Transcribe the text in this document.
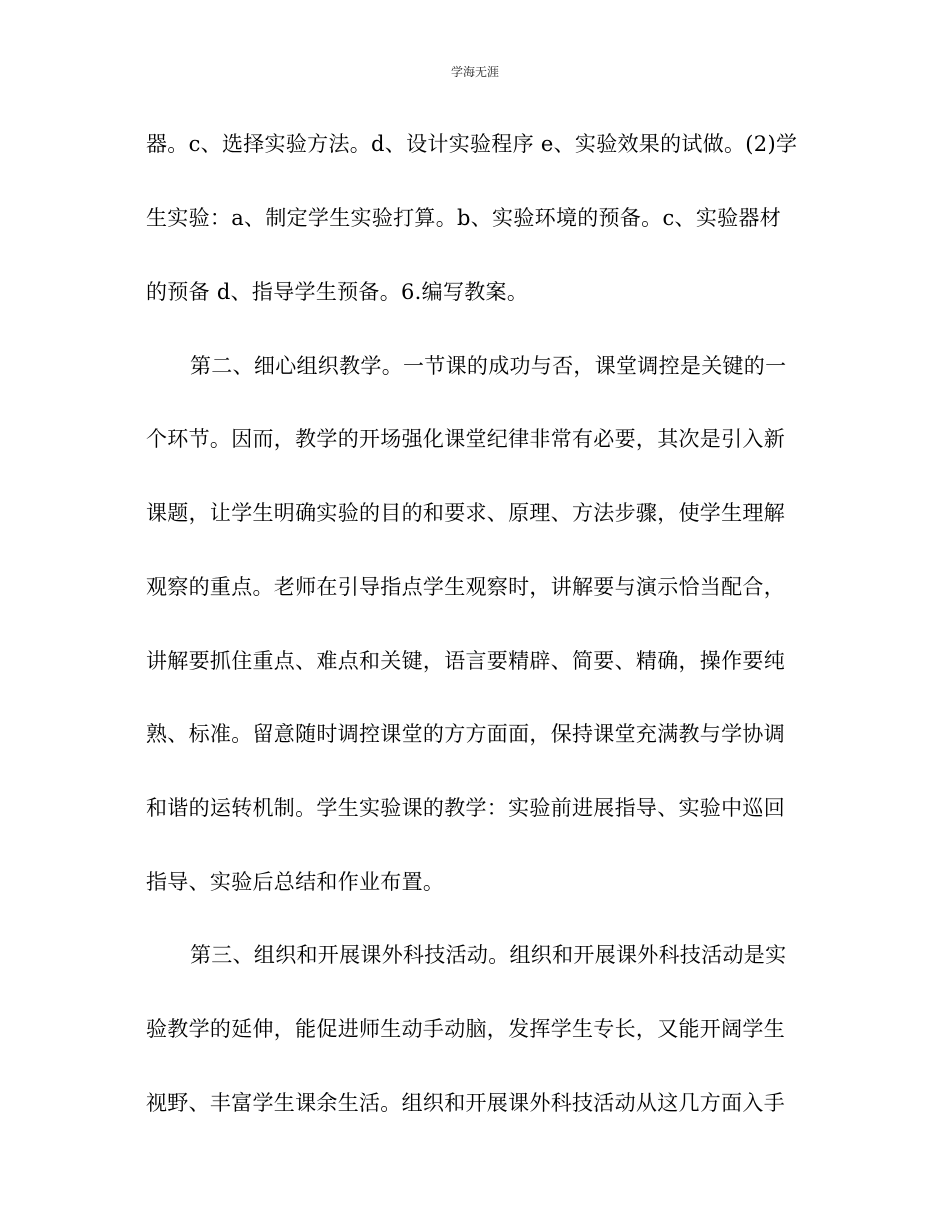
学海无涯
器。c、选择实验方法。d、设计实验程序 e、实验效果的试做。(2)学
生实验：a、制定学生实验打算。b、实验环境的预备。c、实验器材
的预备 d、指导学生预备。6.编写教案。
第二、细心组织教学。一节课的成功与否，课堂调控是关键的一
个环节。因而，教学的开场强化课堂纪律非常有必要，其次是引入新
课题，让学生明确实验的目的和要求、原理、方法步骤，使学生理解
观察的重点。老师在引导指点学生观察时，讲解要与演示恰当配合，
讲解要抓住重点、难点和关键，语言要精辟、简要、精确，操作要纯
熟、标准。留意随时调控课堂的方方面面，保持课堂充满教与学协调
和谐的运转机制。学生实验课的教学：实验前进展指导、实验中巡回
指导、实验后总结和作业布置。
第三、组织和开展课外科技活动。组织和开展课外科技活动是实
验教学的延伸，能促进师生动手动脑，发挥学生专长，又能开阔学生
视野、丰富学生课余生活。组织和开展课外科技活动从这几方面入手
